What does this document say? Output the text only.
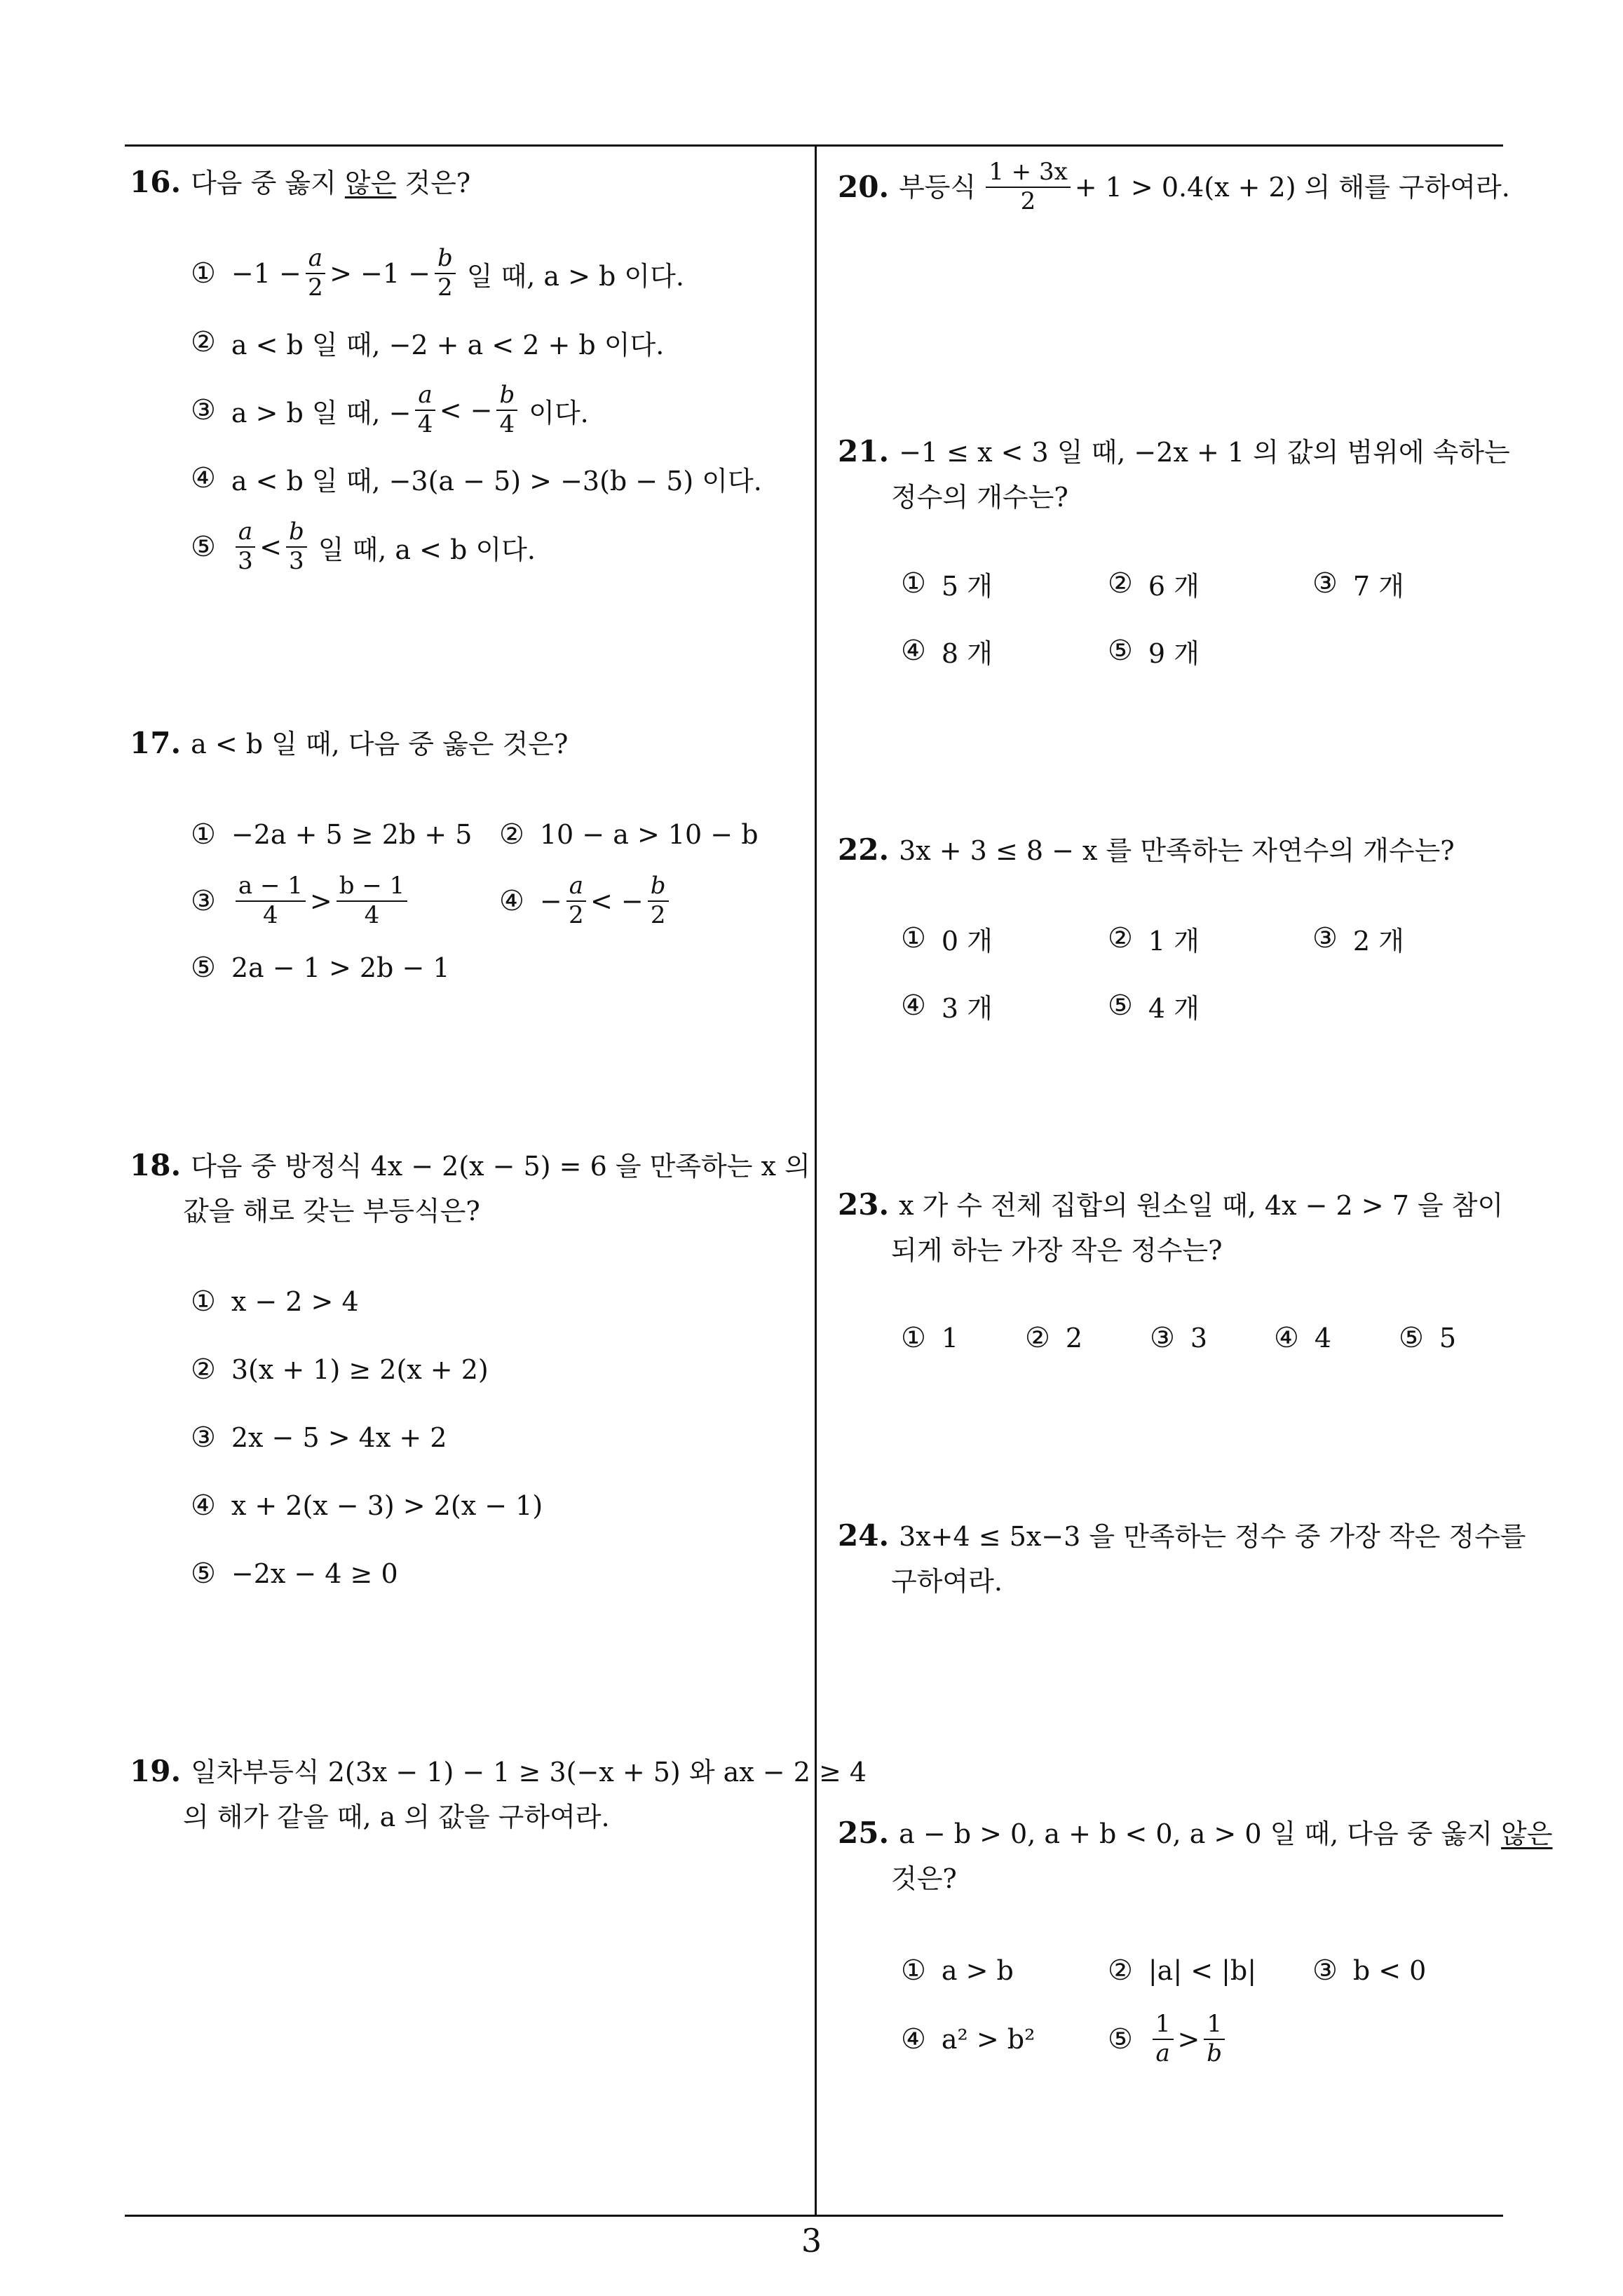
16. 다음 중 옳지 않은 것은?
① $-1 - \frac{a}{2} > -1 - \frac{b}{2}$ 일 때, a > b 이다.
② a < b 일 때, −2 + a < 2 + b 이다.
③ a > b 일 때, − $\frac{a}{4}$ < − $\frac{b}{4}$ 이다.
④ a < b 일 때, −3(a − 5) > −3(b − 5) 이다.
⑤ $\frac{a}{3} < \frac{b}{3}$ 일 때, a < b 이다.
17. a < b 일 때, 다음 중 옳은 것은?
① −2a + 5 ≥ 2b + 5 ② 10 − a > 10 − b
③ $\frac{a - 1}{4} > \frac{b - 1}{4}$	④ − $\frac{a}{2}$ < − $\frac{b}{2}$
⑤ 2a − 1 > 2b − 1
18. 다음 중 방정식 4x − 2(x − 5) = 6 을 만족하는 x 의
값을 해로 갖는 부등식은?
① x − 2 > 4
② 3(x + 1) ≥ 2(x + 2)
③ 2x − 5 > 4x + 2
④ x + 2(x − 3) > 2(x − 1)
⑤ −2x − 4 ≥ 0
19. 일차부등식 2(3x − 1) − 1 ≥ 3(−x + 5) 와 ax − 2 ≥ 4
의 해가 같을 때, a 의 값을 구하여라.
20. 부등식 $\frac{1 + 3x}{2} + 1 > 0.4(x + 2)$ 의 해를 구하여라.
21. −1 ≤ x < 3 일 때, −2x + 1 의 값의 범위에 속하는
정수의 개수는?
① 5 개	② 6 개	③ 7 개
④ 8 개	⑤ 9 개
22. 3x + 3 ≤ 8 − x 를 만족하는 자연수의 개수는?
① 0 개	② 1 개	③ 2 개
④ 3 개	⑤ 4 개
23. x 가 수 전체 집합의 원소일 때, 4x − 2 > 7 을 참이
되게 하는 가장 작은 정수는?
① 1 ② 2 ③ 3 ④ 4 ⑤ 5
24. 3x+4 ≤ 5x−3 을 만족하는 정수 중 가장 작은 정수를
구하여라.
25. a − b > 0, a + b < 0, a > 0 일 때, 다음 중 옳지 않은
것은?
① a > b	② |a| < |b| ③ b < 0
④ a² > b²	⑤ $\frac{1}{a} > \frac{1}{b}$
3
